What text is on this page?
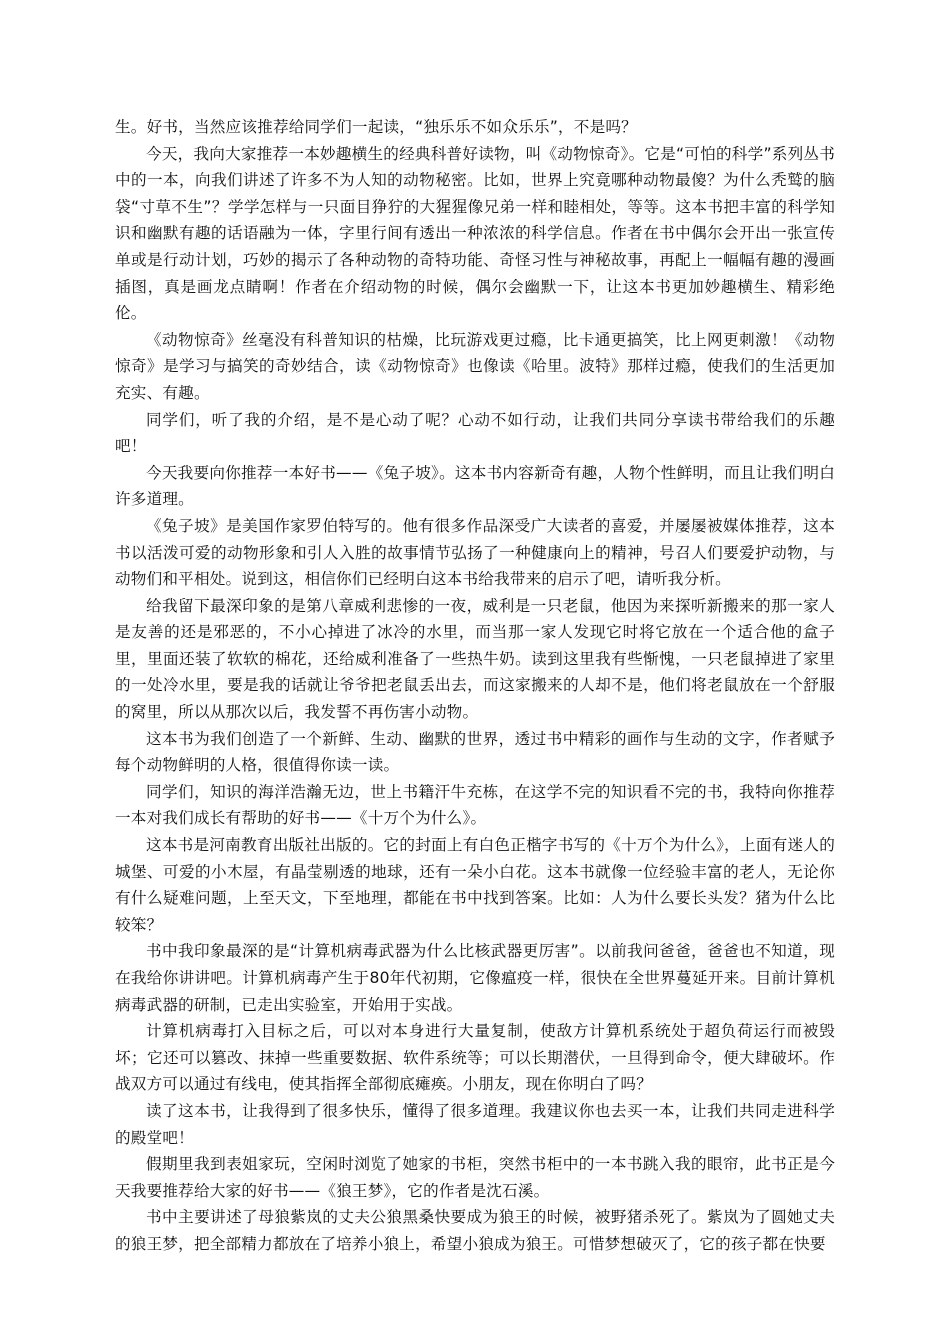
生。好书，当然应该推荐给同学们一起读，“独乐乐不如众乐乐”，不是吗？

今天，我向大家推荐一本妙趣横生的经典科普好读物，叫《动物惊奇》。它是“可怕的科学”系列丛书中的一本，向我们讲述了许多不为人知的动物秘密。比如，世界上究竟哪种动物最傻？为什么秃鹫的脑袋“寸草不生”？学学怎样与一只面目狰狞的大猩猩像兄弟一样和睦相处，等等。这本书把丰富的科学知识和幽默有趣的话语融为一体，字里行间有透出一种浓浓的科学信息。作者在书中偶尔会开出一张宣传单或是行动计划，巧妙的揭示了各种动物的奇特功能、奇怪习性与神秘故事，再配上一幅幅有趣的漫画插图，真是画龙点睛啊！作者在介绍动物的时候，偶尔会幽默一下，让这本书更加妙趣横生、精彩绝伦。

《动物惊奇》丝毫没有科普知识的枯燥，比玩游戏更过瘾，比卡通更搞笑，比上网更刺激！《动物惊奇》是学习与搞笑的奇妙结合，读《动物惊奇》也像读《哈里。波特》那样过瘾，使我们的生活更加充实、有趣。

同学们，听了我的介绍，是不是心动了呢？心动不如行动，让我们共同分享读书带给我们的乐趣吧！

今天我要向你推荐一本好书——《兔子坡》。这本书内容新奇有趣，人物个性鲜明，而且让我们明白许多道理。

《兔子坡》是美国作家罗伯特写的。他有很多作品深受广大读者的喜爱，并屡屡被媒体推荐，这本书以活泼可爱的动物形象和引人入胜的故事情节弘扬了一种健康向上的精神，号召人们要爱护动物，与动物们和平相处。说到这，相信你们已经明白这本书给我带来的启示了吧，请听我分析。

给我留下最深印象的是第八章威利悲惨的一夜，威利是一只老鼠，他因为来探听新搬来的那一家人是友善的还是邪恶的，不小心掉进了冰冷的水里，而当那一家人发现它时将它放在一个适合他的盒子里，里面还装了软软的棉花，还给威利准备了一些热牛奶。读到这里我有些惭愧，一只老鼠掉进了家里的一处冷水里，要是我的话就让爷爷把老鼠丢出去，而这家搬来的人却不是，他们将老鼠放在一个舒服的窝里，所以从那次以后，我发誓不再伤害小动物。

这本书为我们创造了一个新鲜、生动、幽默的世界，透过书中精彩的画作与生动的文字，作者赋予每个动物鲜明的人格，很值得你读一读。

同学们，知识的海洋浩瀚无边，世上书籍汗牛充栋，在这学不完的知识看不完的书，我特向你推荐一本对我们成长有帮助的好书——《十万个为什么》。

这本书是河南教育出版社出版的。它的封面上有白色正楷字书写的《十万个为什么》，上面有迷人的城堡、可爱的小木屋，有晶莹剔透的地球，还有一朵小白花。这本书就像一位经验丰富的老人，无论你有什么疑难问题，上至天文，下至地理，都能在书中找到答案。比如：人为什么要长头发？猪为什么比较笨？

书中我印象最深的是“计算机病毒武器为什么比核武器更厉害”。以前我问爸爸，爸爸也不知道，现在我给你讲讲吧。计算机病毒产生于80年代初期，它像瘟疫一样，很快在全世界蔓延开来。目前计算机病毒武器的研制，已走出实验室，开始用于实战。

计算机病毒打入目标之后，可以对本身进行大量复制，使敌方计算机系统处于超负荷运行而被毁坏；它还可以篡改、抹掉一些重要数据、软件系统等；可以长期潜伏，一旦得到命令，便大肆破坏。作战双方可以通过有线电，使其指挥全部彻底瘫痪。小朋友，现在你明白了吗？

读了这本书，让我得到了很多快乐，懂得了很多道理。我建议你也去买一本，让我们共同走进科学的殿堂吧！

假期里我到表姐家玩，空闲时浏览了她家的书柜，突然书柜中的一本书跳入我的眼帘，此书正是今天我要推荐给大家的好书——《狼王梦》，它的作者是沈石溪。

书中主要讲述了母狼紫岚的丈夫公狼黑桑快要成为狼王的时候，被野猪杀死了。紫岚为了圆她丈夫的狼王梦，把全部精力都放在了培养小狼上，希望小狼成为狼王。可惜梦想破灭了，它的孩子都在快要
